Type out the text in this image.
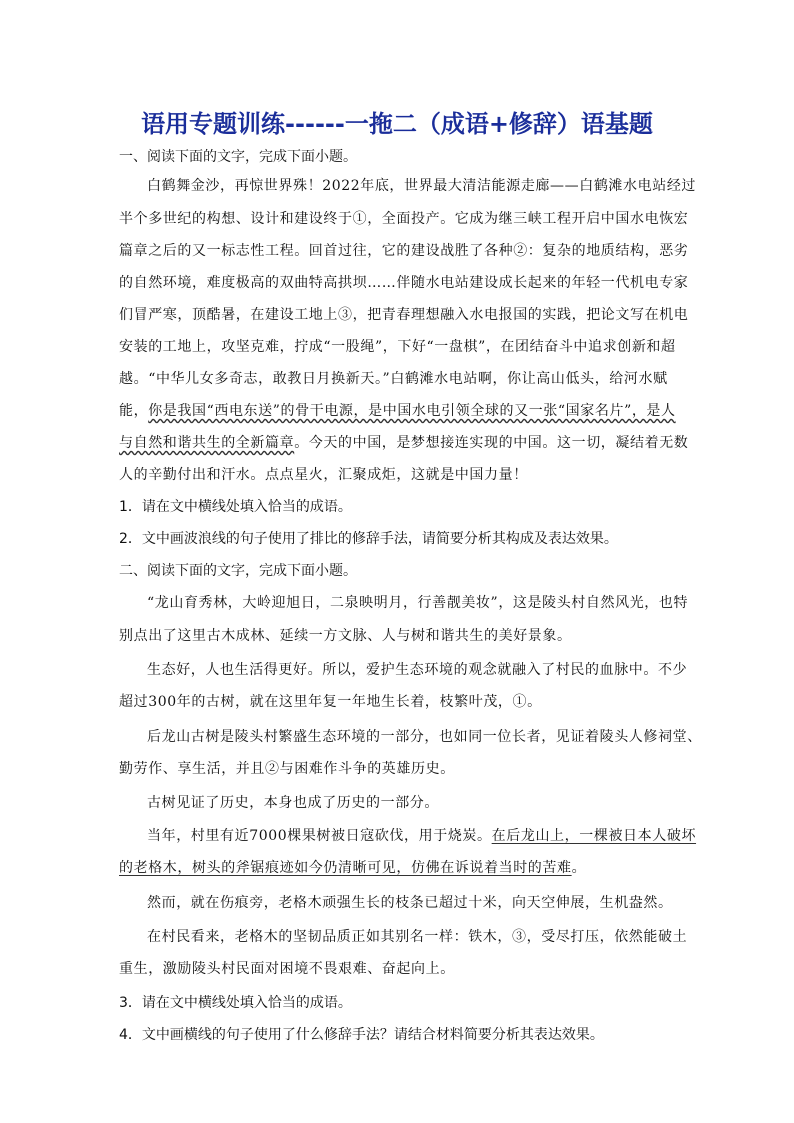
语用专题训练------一拖二（成语+修辞）语基题
一、阅读下面的文字，完成下面小题。
白鹤舞金沙，再惊世界殊！2022年底，世界最大清洁能源走廊——白鹤滩水电站经过
半个多世纪的构想、设计和建设终于①，全面投产。它成为继三峡工程开启中国水电恢宏
篇章之后的又一标志性工程。回首过往，它的建设战胜了各种②：复杂的地质结构，恶劣
的自然环境，难度极高的双曲特高拱坝……伴随水电站建设成长起来的年轻一代机电专家
们冒严寒，顶酷暑，在建设工地上③，把青春理想融入水电报国的实践，把论文写在机电
安装的工地上，攻坚克难，拧成“一股绳”，下好“一盘棋”，在团结奋斗中追求创新和超
越。“中华儿女多奇志，敢教日月换新天。”白鹤滩水电站啊，你让高山低头，给河水赋
能，你是我国“西电东送”的骨干电源，是中国水电引领全球的又一张“国家名片”，是人
与自然和谐共生的全新篇章。今天的中国，是梦想接连实现的中国。这一切，凝结着无数
人的辛勤付出和汗水。点点星火，汇聚成炬，这就是中国力量！
1．请在文中横线处填入恰当的成语。
2．文中画波浪线的句子使用了排比的修辞手法，请简要分析其构成及表达效果。
二、阅读下面的文字，完成下面小题。
“龙山育秀林，大岭迎旭日，二泉映明月，行善靓美妆”，这是陵头村自然风光，也特
别点出了这里古木成林、延续一方文脉、人与树和谐共生的美好景象。
生态好，人也生活得更好。所以，爱护生态环境的观念就融入了村民的血脉中。不少
超过300年的古树，就在这里年复一年地生长着，枝繁叶茂，①。
后龙山古树是陵头村繁盛生态环境的一部分，也如同一位长者，见证着陵头人修祠堂、
勤劳作、享生活，并且②与困难作斗争的英雄历史。
古树见证了历史，本身也成了历史的一部分。
当年，村里有近7000棵果树被日寇砍伐，用于烧炭。在后龙山上，一棵被日本人破坏
的老格木，树头的斧锯痕迹如今仍清晰可见，仿佛在诉说着当时的苦难。
然而，就在伤痕旁，老格木顽强生长的枝条已超过十米，向天空伸展，生机盎然。
在村民看来，老格木的坚韧品质正如其别名一样：铁木，③，受尽打压，依然能破土
重生，激励陵头村民面对困境不畏艰难、奋起向上。
3．请在文中横线处填入恰当的成语。
4．文中画横线的句子使用了什么修辞手法？请结合材料简要分析其表达效果。
